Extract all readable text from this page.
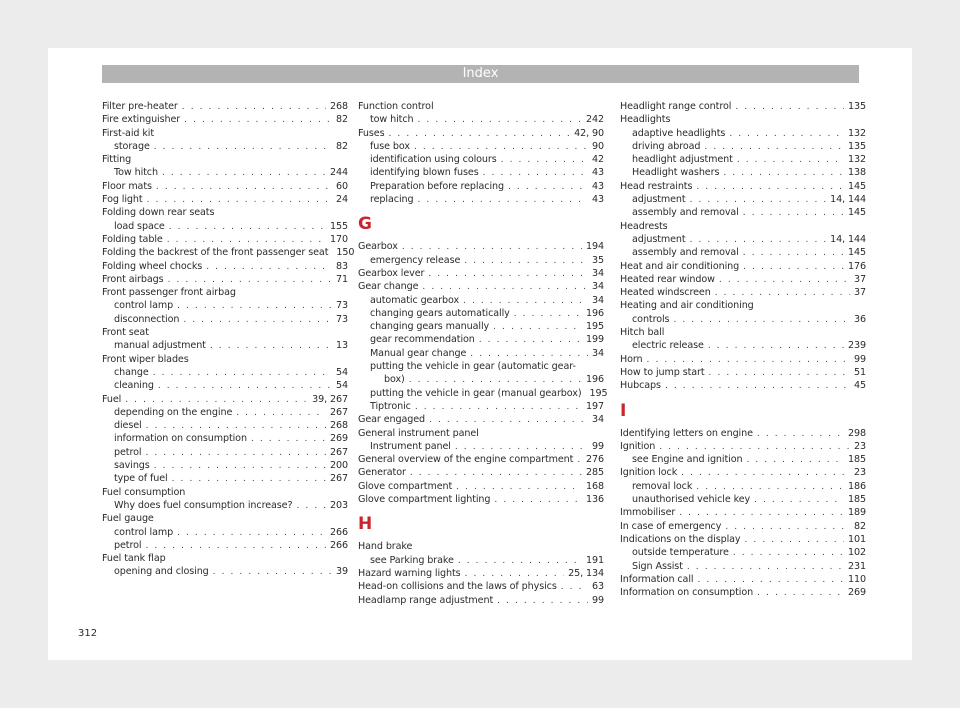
Index
Filter pre-heater . . .	268
Fire extinguisher . . .	82
First-aid kit
storage . . .	82
Fitting
Tow hitch . . .	244
Floor mats . . .	60
Fog light . . .	24
Folding down rear seats
load space . . .	155
Folding table . . .	170
Folding the backrest of the front passenger seat 150
Folding wheel chocks . . .	83
Front airbags . . .	71
Front passenger front airbag
control lamp . . .	73
disconnection . . .	73
Front seat
manual adjustment . . .	13
Front wiper blades
change . . .	54
cleaning . . .	54
Fuel . . .	39, 267
depending on the engine . . .	267
diesel . . .	268
information on consumption . . .	269
petrol . . .	267
savings . . .	200
type of fuel . . .	267
Fuel consumption
Why does fuel consumption increase? . . .	203
Fuel gauge
control lamp . . .	266
petrol . . .	266
Fuel tank flap
opening and closing . . .	39
Function control
tow hitch . . .	242
Fuses . . .	42, 90
fuse box . . .	90
identification using colours . . .	42
identifying blown fuses . . .	43
Preparation before replacing . . .	43
replacing . . .	43
G
Gearbox . . .	194
emergency release . . .	35
Gearbox lever . . .	34
Gear change . . .	34
automatic gearbox . . .	34
changing gears automatically . . .	196
changing gears manually . . .	195
gear recommendation . . .	199
Manual gear change . . .	34
putting the vehicle in gear (automatic gear-
box) . . .	196
putting the vehicle in gear (manual gearbox) 195
Tiptronic . . .	197
Gear engaged . . .	34
General instrument panel
Instrument panel . . .	99
General overview of the engine compartment . . . 276
Generator . . .	285
Glove compartment . . .	168
Glove compartment lighting . . .	136
H
Hand brake
see Parking brake . . .	191
Hazard warning lights . . .	25, 134
Head-on collisions and the laws of physics . . .	63
Headlamp range adjustment . . .	99
Headlight range control . . .	135
Headlights
adaptive headlights . . .	132
driving abroad . . .	135
headlight adjustment . . .	132
Headlight washers . . .	138
Head restraints . . .	145
adjustment . . .	14, 144
assembly and removal . . .	145
Headrests
adjustment . . .	14, 144
assembly and removal . . .	145
Heat and air conditioning . . .	176
Heated rear window . . .	37
Heated windscreen . . .	37
Heating and air conditioning
controls . . .	36
Hitch ball
electric release . . .	239
Horn . . .	99
How to jump start . . .	51
Hubcaps . . .	45
I
Identifying letters on engine . . .	298
Ignition . . .	23
see Engine and ignition . . .	185
Ignition lock . . .	23
removal lock . . .	186
unauthorised vehicle key . . .	185
Immobiliser . . .	189
In case of emergency . . .	82
Indications on the display . . .	101
outside temperature . . .	102
Sign Assist . . .	231
Information call . . .	110
Information on consumption . . .	269
312
